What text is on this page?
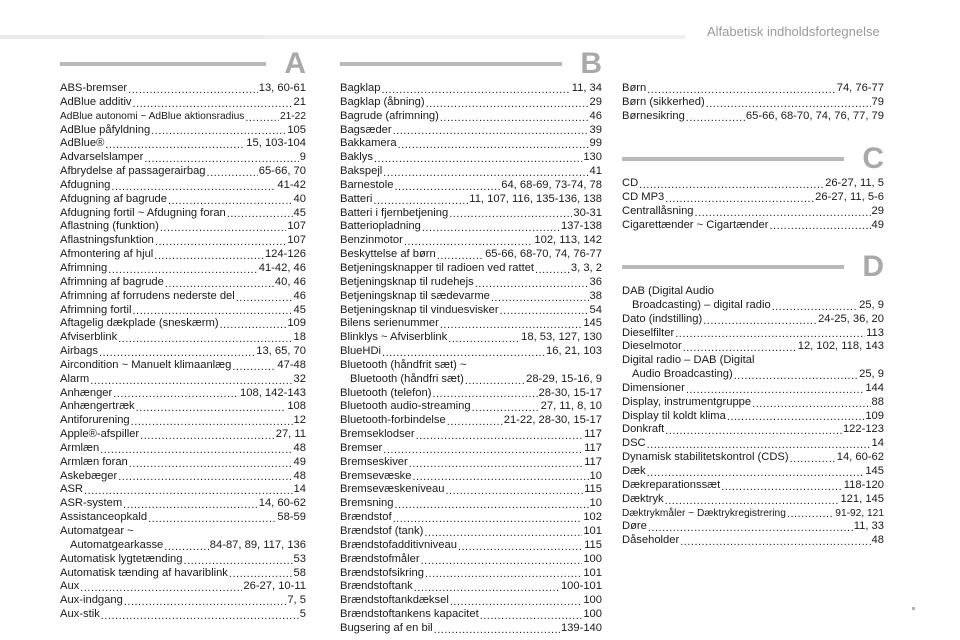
Alfabetisk indholdsfortegnelse
A
ABS-bremser .....	13, 60-61
AdBlue additiv .....	21
AdBlue autonomi ~ AdBlue aktionsradius .....	21-22
AdBlue påfyldning .....	105
AdBlue® .....	15, 103-104
Advarselslamper .....	9
Afbrydelse af passagerairbag .....	65-66, 70
Afdugning .....	41-42
Afdugning af bagrude .....	40
Afdugning fortil ~ Afdugning foran .....	45
Aflastning (funktion) .....	107
Aflastningsfunktion .....	107
Afmontering af hjul .....	124-126
Afrimning .....	41-42, 46
Afrimning af bagrude .....	40, 46
Afrimning af forrudens nederste del .....	46
Afrimning fortil .....	45
Aftagelig dækplade (sneskærm) .....	109
Afviserblink .....	18
Airbags .....	13, 65, 70
Aircondition ~ Manuelt klimaanlæg .....	47-48
Alarm .....	32
Anhænger .....	108, 142-143
Anhængertræk .....	108
Antiforurening .....	12
Apple®-afspiller .....	27, 11
Armlæn .....	48
Armlæn foran .....	49
Askebæger .....	48
ASR .....	14
ASR-system .....	14, 60-62
Assistanceopkald .....	58-59
Automatgear ~
Automatgearkasse .....	84-87, 89, 117, 136
Automatisk lygtetænding .....	53
Automatisk tænding af havariblink .....	58
Aux .....	26-27, 10-11
Aux-indgang .....	7, 5
Aux-stik .....	5
B
Bagklap .....	11, 34
Bagklap (åbning) .....	29
Bagrude (afrimning) .....	46
Bagsæder .....	39
Bakkamera .....	99
Baklys .....	130
Bakspejl .....	41
Barnestole .....	64, 68-69, 73-74, 78
Batteri .....	11, 107, 116, 135-136, 138
Batteri i fjernbetjening .....	30-31
Batteriopladning .....	137-138
Benzinmotor .....	102, 113, 142
Beskyttelse af børn .....	65-66, 68-70, 74, 76-77
Betjeningsknapper til radioen ved rattet .....	3, 3, 2
Betjeningsknap til rudehejs .....	36
Betjeningsknap til sædevarme .....	38
Betjeningsknap til vinduesvisker .....	54
Bilens serienummer .....	145
Blinklys ~ Afviserblink .....	18, 53, 127, 130
BlueHDi .....	16, 21, 103
Bluetooth (håndfrit sæt) ~
Bluetooth (håndfri sæt) .....	28-29, 15-16, 9
Bluetooth (telefon) .....	28-30, 15-17
Bluetooth audio-streaming .....	27, 11, 8, 10
Bluetooth-forbindelse .....	21-22, 28-30, 15-17
Bremseklodser .....	117
Bremser .....	117
Bremseskiver .....	117
Bremsevæske .....	10
Bremsevæskeniveau .....	115
Bremsning .....	10
Brændstof .....	102
Brændstof (tank) .....	101
Brændstofadditivniveau .....	115
Brændstofmåler .....	100
Brændstofsikring .....	101
Brændstoftank .....	100-101
Brændstoftankdæksel .....	100
Brændstoftankens kapacitet .....	100
Bugsering af en bil .....	139-140
Børn .....	74, 76-77
Børn (sikkerhed) .....	79
Børnesikring .....	65-66, 68-70, 74, 76, 77, 79
C
CD .....	26-27, 11, 5
CD MP3 .....	26-27, 11, 5-6
Centrallåsning .....	29
Cigarettænder ~ Cigartænder .....	49
D
DAB (Digital Audio
Broadcasting) – digital radio .....	25, 9
Dato (indstilling) .....	24-25, 36, 20
Dieselfilter .....	113
Dieselmotor .....	12, 102, 118, 143
Digital radio – DAB (Digital
Audio Broadcasting) .....	25, 9
Dimensioner .....	144
Display, instrumentgruppe .....	88
Display til koldt klima .....	109
Donkraft .....	122-123
DSC .....	14
Dynamisk stabilitetskontrol (CDS) .....	14, 60-62
Dæk .....	145
Dækreparationssæt .....	118-120
Dæktryk .....	121, 145
Dæktrykmåler ~ Dæktrykregistrering .....	91-92, 121
Døre .....	11, 33
Dåseholder .....	48
